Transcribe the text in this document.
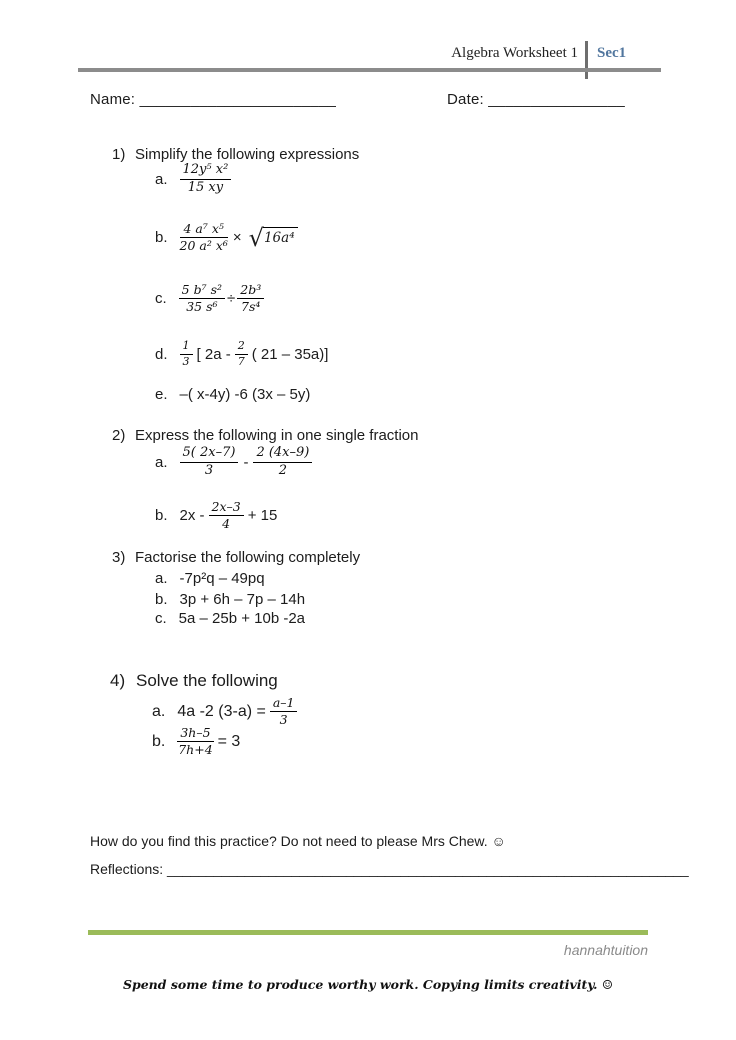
Algebra Worksheet 1 Sec1
Name: _______________________	Date: ________________
1) Simplify the following expressions
a. $\frac{\text{12y⁵ x²}}{15 xy}$
b. $\frac{\text{4 a⁷ x⁵}}{\text{20 a² x⁶}}$ × √ 16a⁴
c. $\frac{\text{5 b⁷ s²}}{\text{35 s⁶}} \div \frac{\text{2b³}}{\text{7s⁴}}$
d. $\frac{1}{3}$ [ $2a - \frac{2}{7}$ ( 21 – 35a)]
e. –( x-4y) -6 (3x – 5y)
2) Express the following in one single fraction
a. $\frac{5( 2x-7)}{3} - \frac{2 (4x-9)}{2}$
b. $2x - \frac{2x-3}{4} + 15$
3) Factorise the following completely
a. -7p²q – 49pq
b. 3p + 6h – 7p – 14h
c. 5a – 25b + 10b -2a
4) Solve the following
a. 4a -2 $(3-a) = \frac{a-1}{3}$
b. $\frac{3h-5}{7h+4} = 3$
How do you find this practice? Do not need to please Mrs Chew. ☺
Reflections: ___________________________________________________________________
hannahtuition
Spend some time to produce worthy work. Copying limits creativity. ☺
